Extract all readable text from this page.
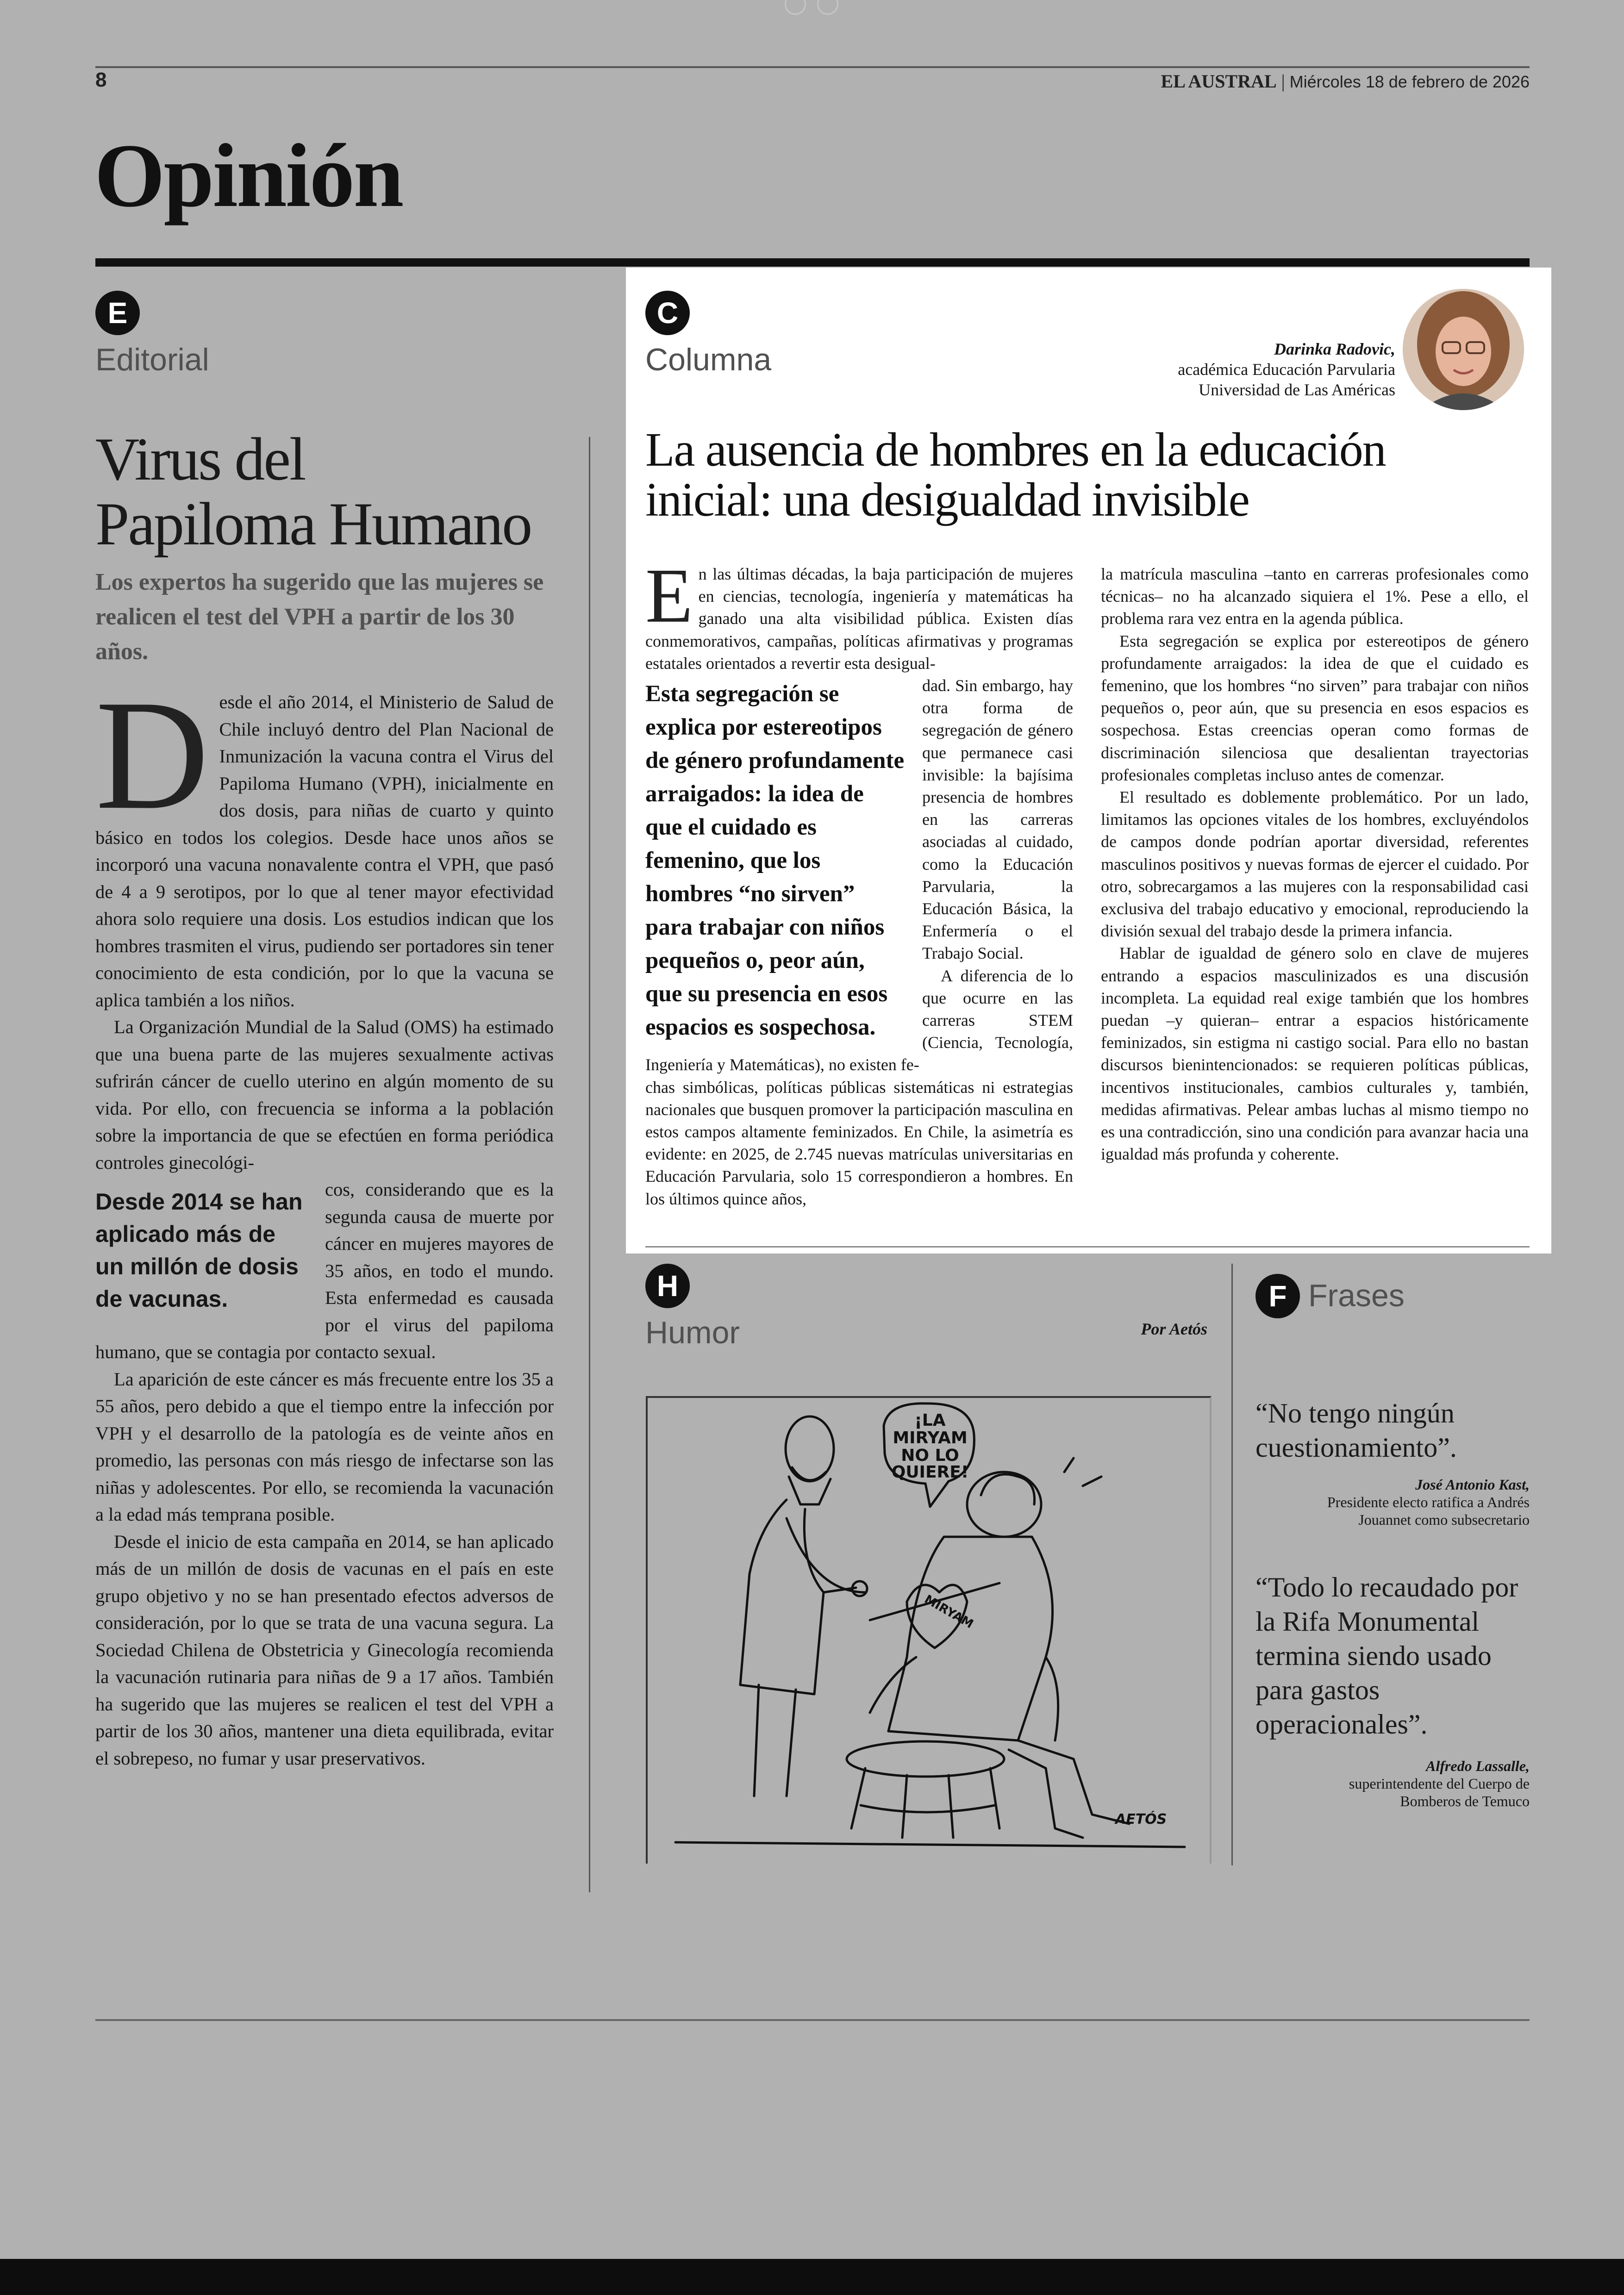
8	EL AUSTRAL | Miércoles 18 de febrero de 2026
Opinión
E
Editorial
Virus del
Papiloma Humano
Los expertos ha sugerido que las mujeres se realicen el test del VPH a partir de los 30 años.

Desde el año 2014, el Ministerio de Salud de Chile incluyó dentro del Plan Nacional de Inmunización la vacuna contra el Virus del Papiloma Humano (VPH), inicialmente en dos dosis, para niñas de cuarto y quinto básico en todos los colegios. Desde hace unos años se incorporó una vacuna nonavalente contra el VPH, que pasó de 4 a 9 serotipos, por lo que al tener mayor efectividad ahora solo requiere una dosis. Los estudios indican que los hombres trasmiten el virus, pudiendo ser portadores sin tener conocimiento de esta condición, por lo que la vacuna se aplica también a los niños.

La Organización Mundial de la Salud (OMS) ha estimado que una buena parte de las mujeres sexualmente activas sufrirán cáncer de cuello uterino en algún momento de su vida. Por ello, con frecuencia se informa a la población sobre la importancia de que se efectúen en forma periódica controles ginecológi-

Desde 2014 se han aplicado más de un millón de dosis de vacunas.

cos, considerando que es la segunda causa de muerte por cáncer en mujeres mayores de 35 años, en todo el mundo. Esta enfermedad es causada por el virus del papiloma humano, que se contagia por contacto sexual.

La aparición de este cáncer es más frecuente entre los 35 a 55 años, pero debido a que el tiempo entre la infección por VPH y el desarrollo de la patología es de veinte años en promedio, las personas con más riesgo de infectarse son las niñas y adolescentes. Por ello, se recomienda la vacunación a la edad más temprana posible.

Desde el inicio de esta campaña en 2014, se han aplicado más de un millón de dosis de vacunas en el país en este grupo objetivo y no se han presentado efectos adversos de consideración, por lo que se trata de una vacuna segura. La Sociedad Chilena de Obstetricia y Ginecología recomienda la vacunación rutinaria para niñas de 9 a 17 años. También ha sugerido que las mujeres se realicen el test del VPH a partir de los 30 años, mantener una dieta equilibrada, evitar el sobrepeso, no fumar y usar preservativos.

C
Columna	Darinka Radovic,
académica Educación Parvularia
Universidad de Las Américas
La ausencia de hombres en la educación
inicial: una desigualdad invisible

En las últimas décadas, la baja participación de mujeres en ciencias, tecnología, ingeniería y matemáticas ha ganado una alta visibilidad pública. Existen días conmemorativos, campañas, políticas afirmativas y programas estatales orientados a revertir esta desigual-

Esta segregación se explica por estereotipos de género profundamente arraigados: la idea de que el cuidado es femenino, que los hombres “no sirven” para trabajar con niños pequeños o, peor aún, que su presencia en esos espacios es sospechosa.

dad. Sin embargo, hay otra forma de segregación de género que permanece casi invisible: la bajísima presencia de hombres en las carreras asociadas al cuidado, como la Educación Parvularia, la Educación Básica, la Enfermería o el Trabajo Social.

A diferencia de lo que ocurre en las carreras STEM (Ciencia, Tecnología, Ingeniería y Matemáticas), no existen fe-

chas simbólicas, políticas públicas sistemáticas ni estrategias nacionales que busquen promover la participación masculina en estos campos altamente feminizados. En Chile, la asimetría es evidente: en 2025, de 2.745 nuevas matrículas universitarias en Educación Parvularia, solo 15 correspondieron a hombres. En los últimos quince años,

la matrícula masculina –tanto en carreras profesionales como técnicas– no ha alcanzado siquiera el 1%. Pese a ello, el problema rara vez entra en la agenda pública.

Esta segregación se explica por estereotipos de género profundamente arraigados: la idea de que el cuidado es femenino, que los hombres “no sirven” para trabajar con niños pequeños o, peor aún, que su presencia en esos espacios es sospechosa. Estas creencias operan como formas de discriminación silenciosa que desalientan trayectorias profesionales completas incluso antes de comenzar.

El resultado es doblemente problemático. Por un lado, limitamos las opciones vitales de los hombres, excluyéndolos de campos donde podrían aportar diversidad, referentes masculinos positivos y nuevas formas de ejercer el cuidado. Por otro, sobrecargamos a las mujeres con la responsabilidad casi exclusiva del trabajo educativo y emocional, reproduciendo la división sexual del trabajo desde la primera infancia.

Hablar de igualdad de género solo en clave de mujeres entrando a espacios masculinizados es una discusión incompleta. La equidad real exige también que los hombres puedan –y quieran– entrar a espacios históricamente feminizados, sin estigma ni castigo social. Para ello no bastan discursos bienintencionados: se requieren políticas públicas, incentivos institucionales, cambios culturales y, también, medidas afirmativas. Pelear ambas luchas al mismo tiempo no es una contradicción, sino una condición para avanzar hacia una igualdad más profunda y coherente.

H
Humor	Por Aetós
¡LA
MIRYAM
NO LO
QUIERE!
MIRYAM
AETÓS
F Frases
“No tengo ningún cuestionamiento”.
José Antonio Kast,
Presidente electo ratifica a Andrés Jouannet como subsecretario
“Todo lo recaudado por la Rifa Monumental termina siendo usado para gastos operacionales”.
Alfredo Lassalle,
superintendente del Cuerpo de Bomberos de Temuco
